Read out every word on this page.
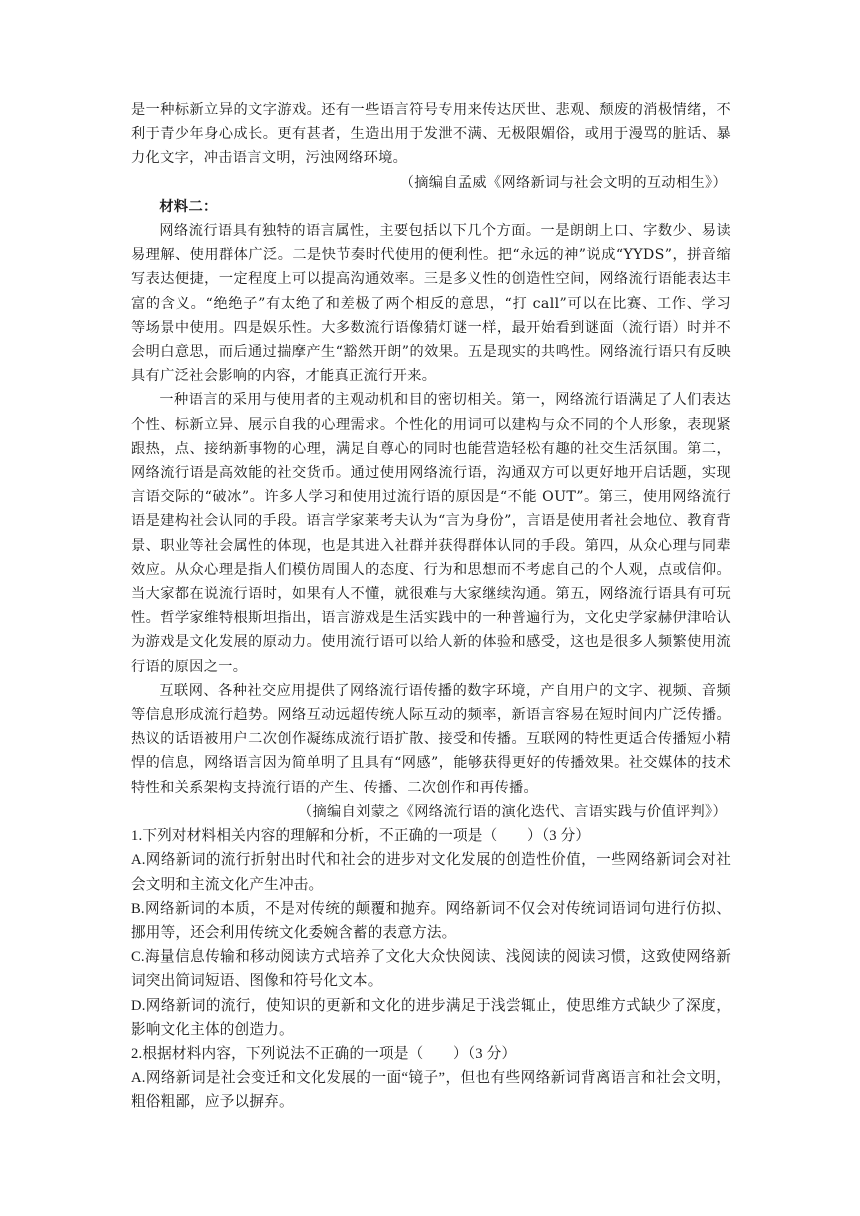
是一种标新立异的文字游戏。还有一些语言符号专用来传达厌世、悲观、颓废的消极情绪，不利于青少年身心成长。更有甚者，生造出用于发泄不满、无极限媚俗，或用于漫骂的脏话、暴力化文字，冲击语言文明，污浊网络环境。

（摘编自孟威《网络新词与社会文明的互动相生》）

材料二：

网络流行语具有独特的语言属性，主要包括以下几个方面。一是朗朗上口、字数少、易读易理解、使用群体广泛。二是快节奏时代使用的便利性。把“永远的神”说成“YYDS”，拼音缩写表达便捷，一定程度上可以提高沟通效率。三是多义性的创造性空间，网络流行语能表达丰富的含义。“绝绝子”有太绝了和差极了两个相反的意思，“打 call”可以在比赛、工作、学习等场景中使用。四是娱乐性。大多数流行语像猜灯谜一样，最开始看到谜面（流行语）时并不会明白意思，而后通过揣摩产生“豁然开朗”的效果。五是现实的共鸣性。网络流行语只有反映具有广泛社会影响的内容，才能真正流行开来。

一种语言的采用与使用者的主观动机和目的密切相关。第一，网络流行语满足了人们表达个性、标新立异、展示自我的心理需求。个性化的用词可以建构与众不同的个人形象，表现紧跟热，点、接纳新事物的心理，满足自尊心的同时也能营造轻松有趣的社交生活氛围。第二，网络流行语是高效能的社交货币。通过使用网络流行语，沟通双方可以更好地开启话题，实现言语交际的“破冰”。许多人学习和使用过流行语的原因是“不能 OUT”。第三，使用网络流行语是建构社会认同的手段。语言学家莱考夫认为“言为身份”，言语是使用者社会地位、教育背景、职业等社会属性的体现，也是其进入社群并获得群体认同的手段。第四，从众心理与同辈效应。从众心理是指人们模仿周围人的态度、行为和思想而不考虑自己的个人观，点或信仰。当大家都在说流行语时，如果有人不懂，就很难与大家继续沟通。第五，网络流行语具有可玩性。哲学家维特根斯坦指出，语言游戏是生活实践中的一种普遍行为，文化史学家赫伊津哈认为游戏是文化发展的原动力。使用流行语可以给人新的体验和感受，这也是很多人频繁使用流行语的原因之一。

互联网、各种社交应用提供了网络流行语传播的数字环境，产自用户的文字、视频、音频等信息形成流行趋势。网络互动远超传统人际互动的频率，新语言容易在短时间内广泛传播。热议的话语被用户二次创作凝练成流行语扩散、接受和传播。互联网的特性更适合传播短小精悍的信息，网络语言因为简单明了且具有“网感”，能够获得更好的传播效果。社交媒体的技术特性和关系架构支持流行语的产生、传播、二次创作和再传播。

（摘编自刘蒙之《网络流行语的演化迭代、言语实践与价值评判》）

1.下列对材料相关内容的理解和分析，不正确的一项是（　　）（3 分）

A.网络新词的流行折射出时代和社会的进步对文化发展的创造性价值，一些网络新词会对社会文明和主流文化产生冲击。

B.网络新词的本质，不是对传统的颠覆和抛弃。网络新词不仅会对传统词语词句进行仿拟、挪用等，还会利用传统文化委婉含蓄的表意方法。

C.海量信息传输和移动阅读方式培养了文化大众快阅读、浅阅读的阅读习惯，这致使网络新词突出简词短语、图像和符号化文本。

D.网络新词的流行，使知识的更新和文化的进步满足于浅尝辄止，使思维方式缺少了深度，影响文化主体的创造力。

2.根据材料内容，下列说法不正确的一项是（　　）（3 分）

A.网络新词是社会变迁和文化发展的一面“镜子”，但也有些网络新词背离语言和社会文明，粗俗粗鄙，应予以摒弃。
